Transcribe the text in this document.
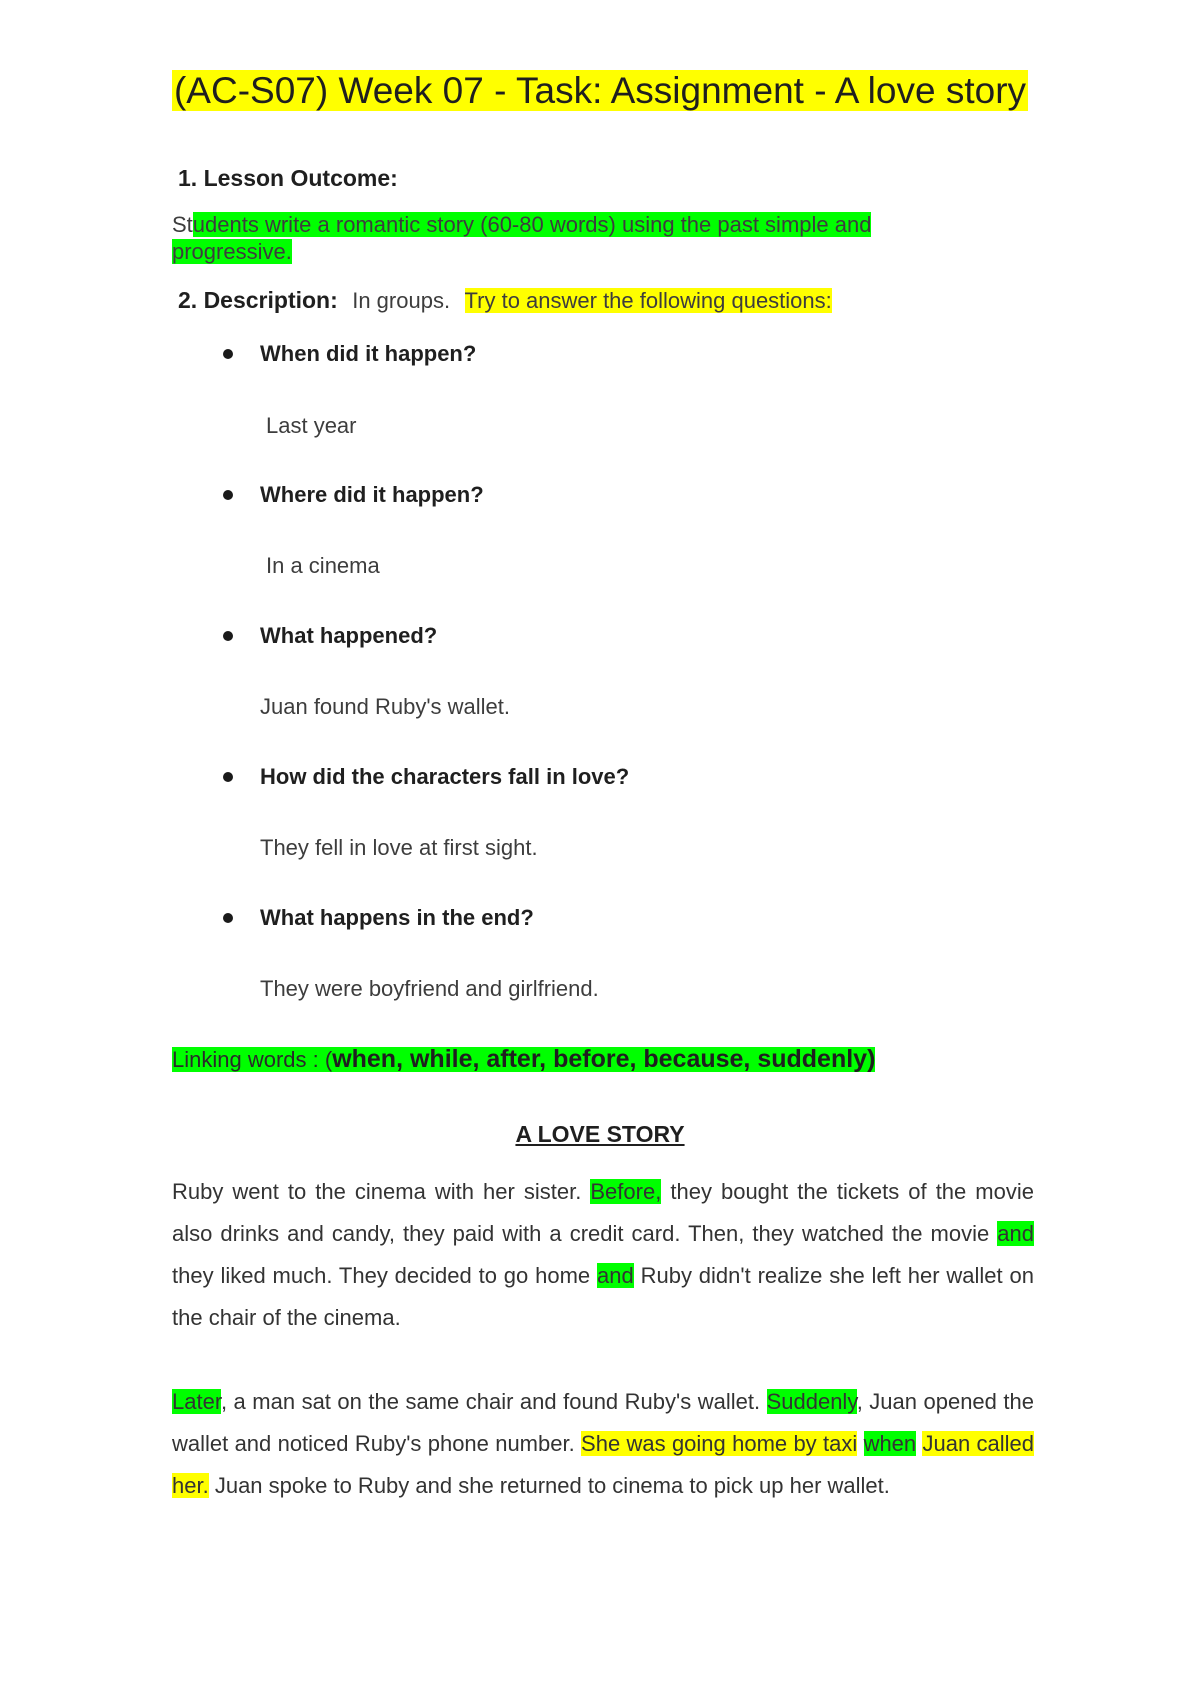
(AC-S07) Week 07 - Task: Assignment - A love story
1. Lesson Outcome:
Students write a romantic story (60-80 words) using the past simple and progressive.
2. Description: In groups. Try to answer the following questions:
When did it happen?
Last year
Where did it happen?
In a cinema
What happened?
Juan found Ruby's wallet.
How did the characters fall in love?
They fell in love at first sight.
What happens in the end?
They were boyfriend and girlfriend.
Linking words : (when, while, after, before, because, suddenly)
A LOVE STORY
Ruby went to the cinema with her sister. Before, they bought the tickets of the movie also drinks and candy, they paid with a credit card. Then, they watched the movie and they liked much. They decided to go home and Ruby didn't realize she left her wallet on the chair of the cinema.
Later, a man sat on the same chair and found Ruby's wallet. Suddenly, Juan opened the wallet and noticed Ruby's phone number. She was going home by taxi when Juan called her. Juan spoke to Ruby and she returned to cinema to pick up her wallet.
